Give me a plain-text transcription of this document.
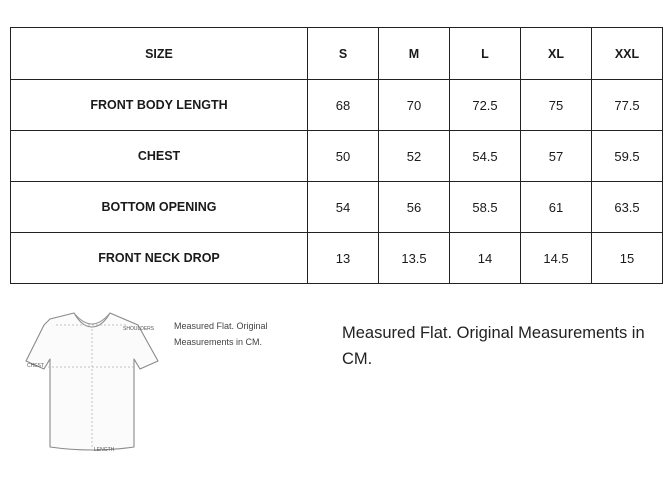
SIZE	S	M	L	XL	XXL
FRONT BODY LENGTH	68	70	72.5	75	77.5
CHEST	50	52	54.5	57	59.5
BOTTOM OPENING	54	56	58.5	61	63.5
FRONT NECK DROP	13	13.5	14	14.5	15
SHOULDERS
CHEST
LENGTH
Measured Flat. Original Measurements in CM.	Measured Flat. Original Measurements in CM.
